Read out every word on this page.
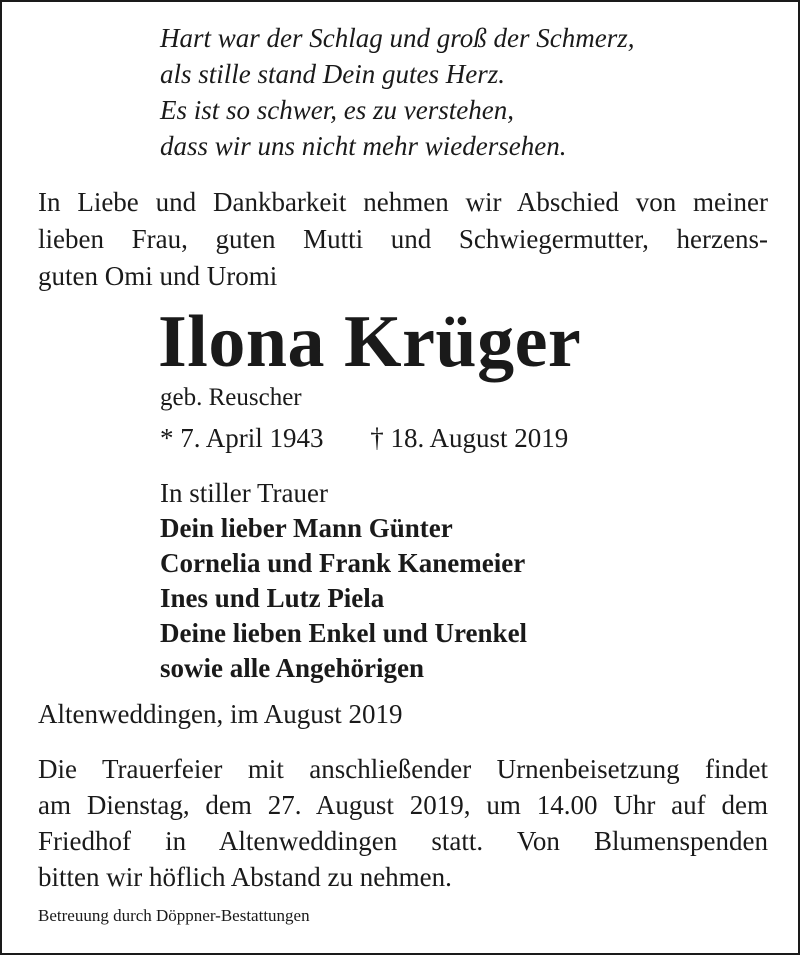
Hart war der Schlag und groß der Schmerz,
als stille stand Dein gutes Herz.
Es ist so schwer, es zu verstehen,
dass wir uns nicht mehr wiedersehen.
In Liebe und Dankbarkeit nehmen wir Abschied von meiner
lieben Frau, guten Mutti und Schwiegermutter, herzens-
guten Omi und Uromi
Ilona Krüger
geb. Reuscher
* 7. April 1943 † 18. August 2019
In stiller Trauer
Dein lieber Mann Günter
Cornelia und Frank Kanemeier
Ines und Lutz Piela
Deine lieben Enkel und Urenkel
sowie alle Angehörigen
Altenweddingen, im August 2019
Die Trauerfeier mit anschließender Urnenbeisetzung findet
am Dienstag, dem 27. August 2019, um 14.00 Uhr auf dem
Friedhof in Altenweddingen statt. Von Blumenspenden
bitten wir höflich Abstand zu nehmen.
Betreuung durch Döppner-Bestattungen
